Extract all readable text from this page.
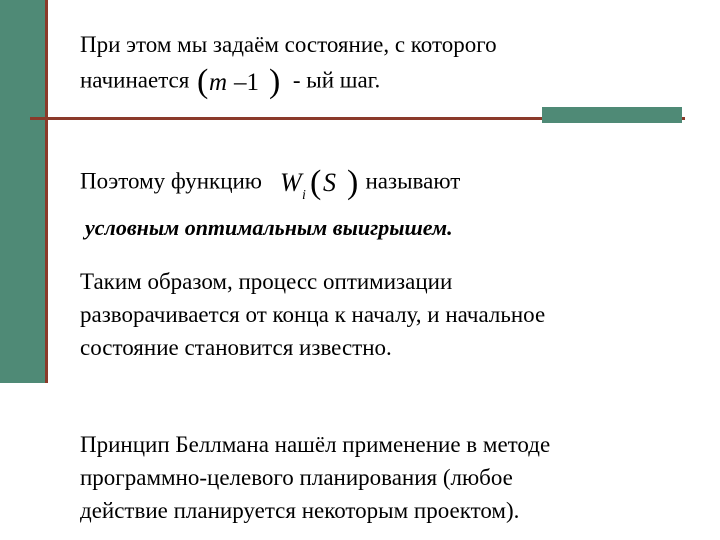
При этом мы задаём состояние, с которого
начинается ( m –1 ) - ый шаг.
Поэтому функцию W i ( S ) называют
условным оптимальным выигрышем.
Таким образом, процесс оптимизации
разворачивается от конца к началу, и начальное
состояние становится известно.
Принцип Беллмана нашёл применение в методе
программно-целевого планирования (любое
действие планируется некоторым проектом).
